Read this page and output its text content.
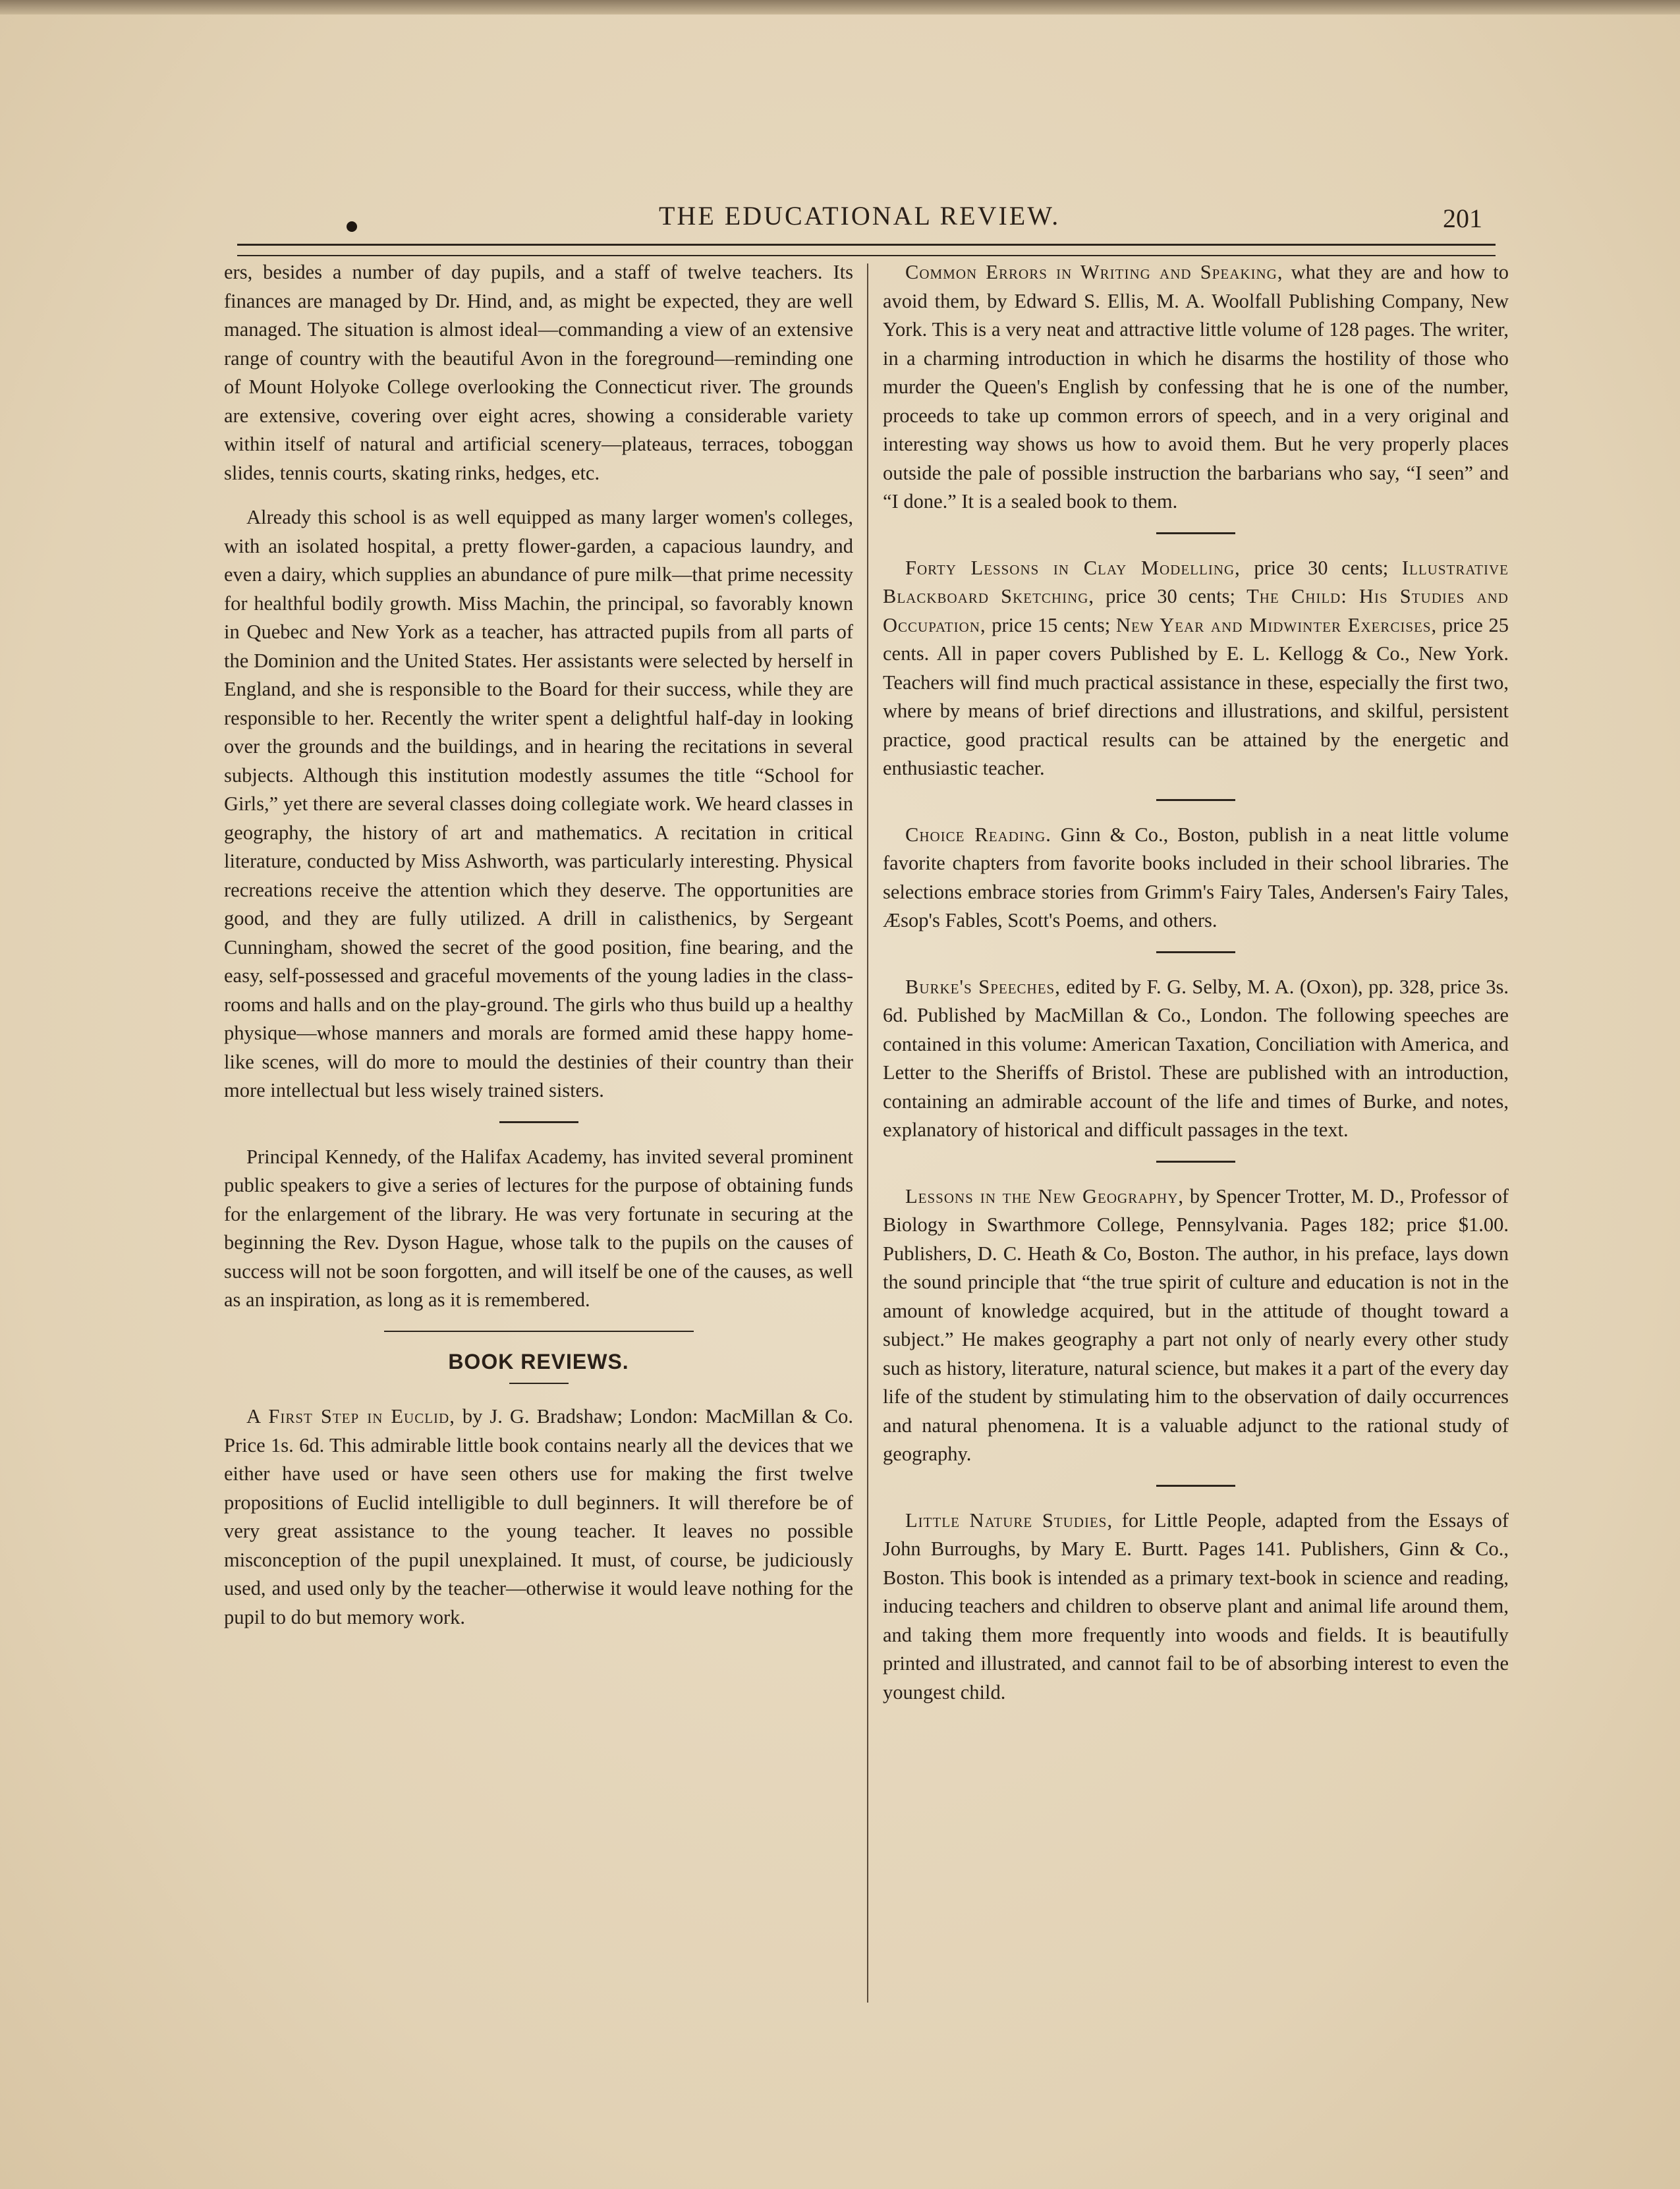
THE EDUCATIONAL REVIEW.	201

ers, besides a number of day pupils, and a staff of twelve teachers. Its finances are managed by Dr. Hind, and, as might be expected, they are well managed. The situation is almost ideal—commanding a view of an extensive range of country with the beautiful Avon in the foreground—reminding one of Mount Holyoke College overlooking the Connecticut river. The grounds are extensive, covering over eight acres, showing a considerable variety within itself of natural and artificial scenery—plateaus, terraces, toboggan slides, tennis courts, skating rinks, hedges, etc.

Already this school is as well equipped as many larger women's colleges, with an isolated hospital, a pretty flower-garden, a capacious laundry, and even a dairy, which supplies an abundance of pure milk—that prime necessity for healthful bodily growth. Miss Machin, the principal, so favorably known in Quebec and New York as a teacher, has attracted pupils from all parts of the Dominion and the United States. Her assistants were selected by herself in England, and she is responsible to the Board for their success, while they are responsible to her. Recently the writer spent a delightful half-day in looking over the grounds and the buildings, and in hearing the recitations in several subjects. Although this institution modestly assumes the title “School for Girls,” yet there are several classes doing collegiate work. We heard classes in geography, the history of art and mathematics. A recitation in critical literature, conducted by Miss Ashworth, was particularly interesting. Physical recreations receive the attention which they deserve. The opportunities are good, and they are fully utilized. A drill in calisthenics, by Sergeant Cunningham, showed the secret of the good position, fine bearing, and the easy, self-possessed and graceful movements of the young ladies in the class-rooms and halls and on the play-ground. The girls who thus build up a healthy physique—whose manners and morals are formed amid these happy home-like scenes, will do more to mould the destinies of their country than their more intellectual but less wisely trained sisters.

Principal Kennedy, of the Halifax Academy, has invited several prominent public speakers to give a series of lectures for the purpose of obtaining funds for the enlargement of the library. He was very fortunate in securing at the beginning the Rev. Dyson Hague, whose talk to the pupils on the causes of success will not be soon forgotten, and will itself be one of the causes, as well as an inspiration, as long as it is remembered.

BOOK REVIEWS.

A First Step in Euclid, by J. G. Bradshaw; London: MacMillan & Co. Price 1s. 6d. This admirable little book contains nearly all the devices that we either have used or have seen others use for making the first twelve propositions of Euclid intelligible to dull beginners. It will therefore be of very great assistance to the young teacher. It leaves no possible misconception of the pupil unexplained. It must, of course, be judiciously used, and used only by the teacher—otherwise it would leave nothing for the pupil to do but memory work.

Common Errors in Writing and Speaking, what they are and how to avoid them, by Edward S. Ellis, M. A. Woolfall Publishing Company, New York. This is a very neat and attractive little volume of 128 pages. The writer, in a charming introduction in which he disarms the hostility of those who murder the Queen's English by confessing that he is one of the number, proceeds to take up common errors of speech, and in a very original and interesting way shows us how to avoid them. But he very properly places outside the pale of possible instruction the barbarians who say, “I seen” and “I done.” It is a sealed book to them.

Forty Lessons in Clay Modelling, price 30 cents; Illustrative Blackboard Sketching, price 30 cents; The Child: His Studies and Occupation, price 15 cents; New Year and Midwinter Exercises, price 25 cents. All in paper covers Published by E. L. Kellogg & Co., New York. Teachers will find much practical assistance in these, especially the first two, where by means of brief directions and illustrations, and skilful, persistent practice, good practical results can be attained by the energetic and enthusiastic teacher.

Choice Reading. Ginn & Co., Boston, publish in a neat little volume favorite chapters from favorite books included in their school libraries. The selections embrace stories from Grimm's Fairy Tales, Andersen's Fairy Tales, Æsop's Fables, Scott's Poems, and others.

Burke's Speeches, edited by F. G. Selby, M. A. (Oxon), pp. 328, price 3s. 6d. Published by MacMillan & Co., London. The following speeches are contained in this volume: American Taxation, Conciliation with America, and Letter to the Sheriffs of Bristol. These are published with an introduction, containing an admirable account of the life and times of Burke, and notes, explanatory of historical and difficult passages in the text.

Lessons in the New Geography, by Spencer Trotter, M. D., Professor of Biology in Swarthmore College, Pennsylvania. Pages 182; price $1.00. Publishers, D. C. Heath & Co, Boston. The author, in his preface, lays down the sound principle that “the true spirit of culture and education is not in the amount of knowledge acquired, but in the attitude of thought toward a subject.” He makes geography a part not only of nearly every other study such as history, literature, natural science, but makes it a part of the every day life of the student by stimulating him to the observation of daily occurrences and natural phenomena. It is a valuable adjunct to the rational study of geography.

Little Nature Studies, for Little People, adapted from the Essays of John Burroughs, by Mary E. Burtt. Pages 141. Publishers, Ginn & Co., Boston. This book is intended as a primary text-book in science and reading, inducing teachers and children to observe plant and animal life around them, and taking them more frequently into woods and fields. It is beautifully printed and illustrated, and cannot fail to be of absorbing interest to even the youngest child.
